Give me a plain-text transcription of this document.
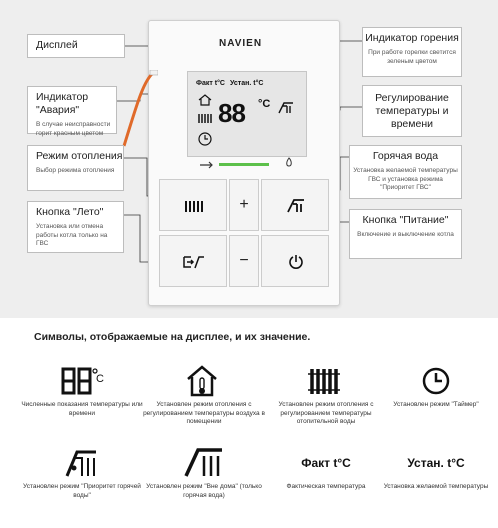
NAVIEN
Факт t°C Устан. t°C
88 °C
+
−
Дисплей
Индикатор "Авария"
В случае неисправности горит красным цветом
Режим отопления
Выбор режима отопления
Кнопка "Лето"
Установка или отмена работы котла только на ГВС
Индикатор горения
При работе горелки светится зеленым цветом
Регулирование температуры и времени
Горячая вода
Установка желаемой температуры ГВС и установка режима "Приоритет ГВС"
Кнопка "Питание"
Включение и выключение котла
Символы, отображаемые на дисплее, и их значение.
C
Численные показания температуры или времени
Установлен режим отопления с регулированием температуры воздуха в помещении
Установлен режим отопления с регулированием температуры отопительной воды
Установлен режим "Таймер"
Установлен режим "Приоритет горячей воды"
Установлен режим "Вне дома" (только горячая вода)
Факт t°C
Фактическая температура
Устан. t°C
Установка желаемой температуры
